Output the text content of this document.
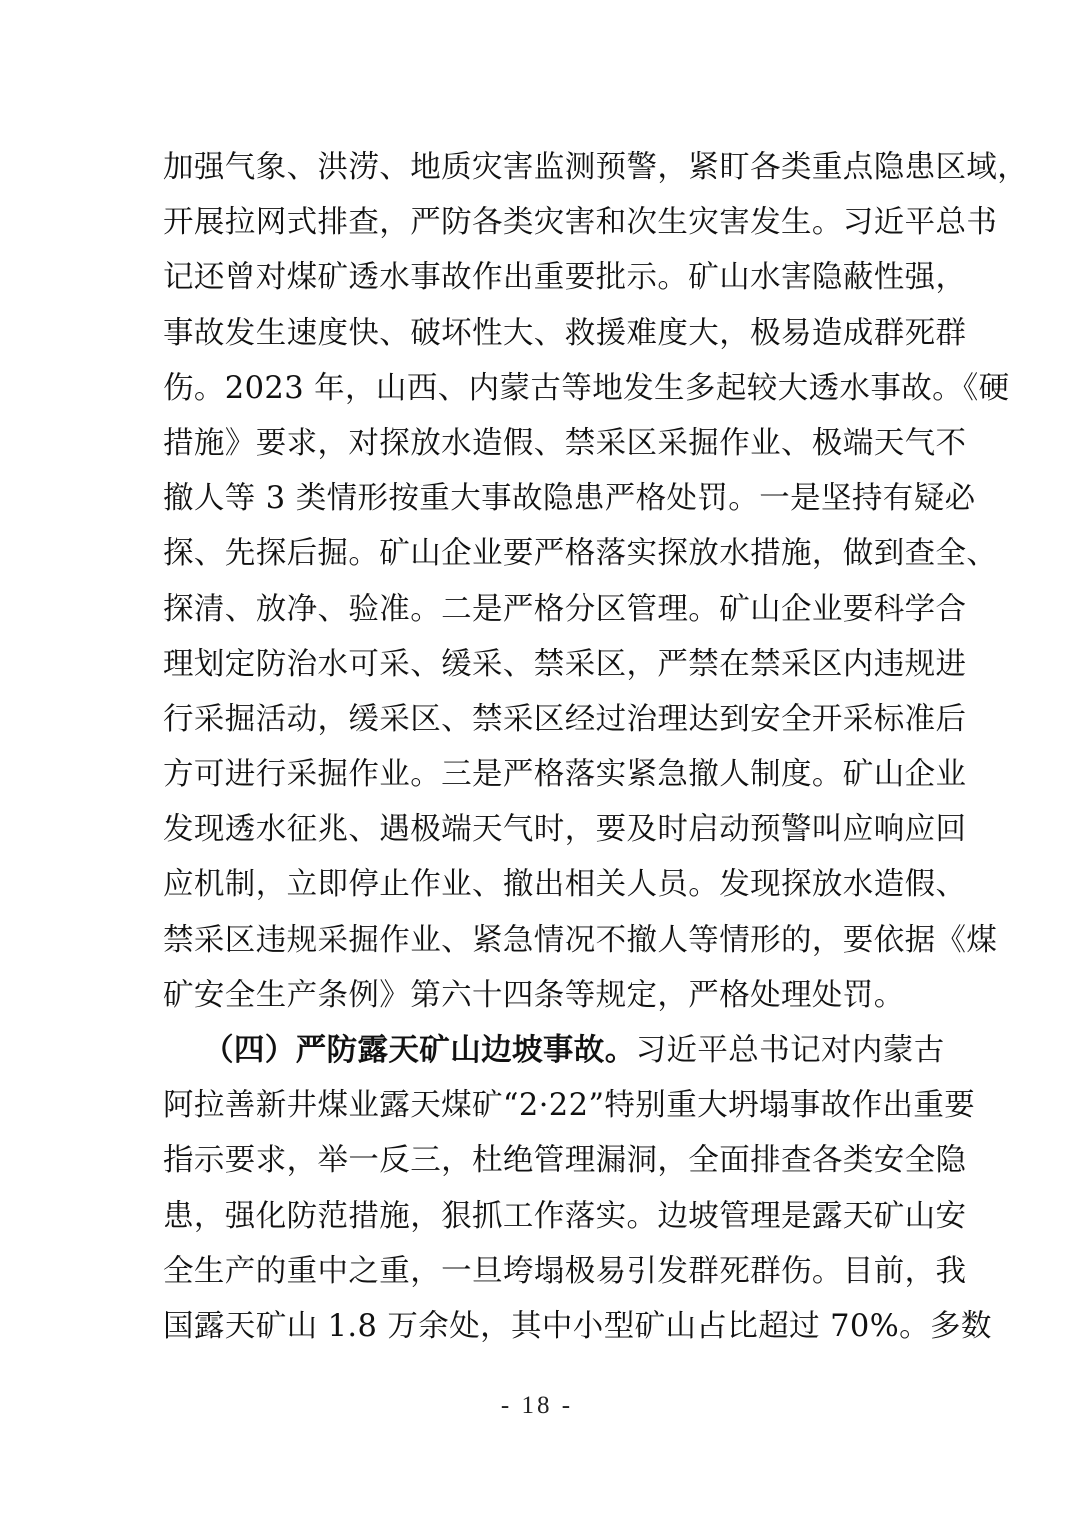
加强气象、洪涝、地质灾害监测预警，紧盯各类重点隐患区域，
开展拉网式排查，严防各类灾害和次生灾害发生。习近平总书
记还曾对煤矿透水事故作出重要批示。矿山水害隐蔽性强，
事故发生速度快、破坏性大、救援难度大，极易造成群死群
伤。2023 年，山西、内蒙古等地发生多起较大透水事故。《硬
措施》要求，对探放水造假、禁采区采掘作业、极端天气不
撤人等 3 类情形按重大事故隐患严格处罚。一是坚持有疑必
探、先探后掘。矿山企业要严格落实探放水措施，做到查全、
探清、放净、验准。二是严格分区管理。矿山企业要科学合
理划定防治水可采、缓采、禁采区，严禁在禁采区内违规进
行采掘活动，缓采区、禁采区经过治理达到安全开采标准后
方可进行采掘作业。三是严格落实紧急撤人制度。矿山企业
发现透水征兆、遇极端天气时，要及时启动预警叫应响应回
应机制，立即停止作业、撤出相关人员。发现探放水造假、
禁采区违规采掘作业、紧急情况不撤人等情形的，要依据《煤
矿安全生产条例》第六十四条等规定，严格处理处罚。
（四）严防露天矿山边坡事故。习近平总书记对内蒙古
阿拉善新井煤业露天煤矿“2·22”特别重大坍塌事故作出重要
指示要求，举一反三，杜绝管理漏洞，全面排查各类安全隐
患，强化防范措施，狠抓工作落实。边坡管理是露天矿山安
全生产的重中之重，一旦垮塌极易引发群死群伤。目前，我
国露天矿山 1.8 万余处，其中小型矿山占比超过 70%。多数
- 18 -
